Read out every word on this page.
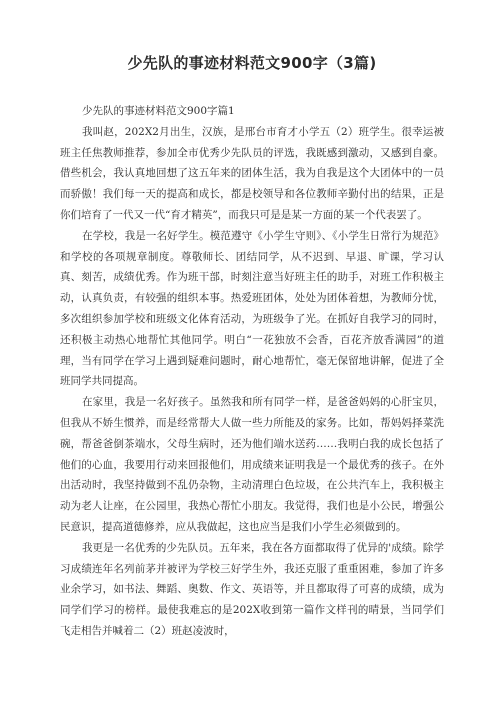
少先队的事迹材料范文900字（3篇)
少先队的事迹材料范文900字篇1

我叫赵，202X2月出生，汉族，是邢台市育才小学五（2）班学生。很幸运被班主任焦教师推荐，参加全市优秀少先队员的评选，我既感到激动，又感到自豪。借些机会，我认真地回想了这五年来的团体生活，我为自我是这个大团体中的一员而骄傲！我们每一天的提高和成长，都是校领导和各位教师辛勤付出的结果，正是你们培育了一代又一代“育才精英”，而我只可是是某一方面的某一个代表罢了。

在学校，我是一名好学生。模范遵守《小学生守则》、《小学生日常行为规范》和学校的各项规章制度。尊敬师长、团结同学，从不迟到、早退、旷课，学习认真、刻苦，成绩优秀。作为班干部，时刻注意当好班主任的助手，对班工作积极主动，认真负责，有较强的组织本事。热爱班团体，处处为团体着想，为教师分忧，多次组织参加学校和班级文化体育活动，为班级争了光。在抓好自我学习的同时，还积极主动热心地帮忙其他同学。明白“一花独放不会香，百花齐放香满园”的道理，当有同学在学习上遇到疑难问题时，耐心地帮忙，毫无保留地讲解，促进了全班同学共同提高。

在家里，我是一名好孩子。虽然我和所有同学一样，是爸爸妈妈的心肝宝贝，但我从不娇生惯养，而是经常帮大人做一些力所能及的家务。比如，帮妈妈择菜洗碗，帮爸爸倒茶端水，父母生病时，还为他们端水送药……我明白我的成长包括了他们的心血，我要用行动来回报他们，用成绩来证明我是一个最优秀的孩子。在外出活动时，我坚持做到不乱仍杂物，主动清理白色垃圾，在公共汽车上，我积极主动为老人让座，在公园里，我热心帮忙小朋友。我觉得，我们也是小公民，增强公民意识，提高道德修养，应从我做起，这也应当是我们小学生必须做到的。

我更是一名优秀的少先队员。五年来，我在各方面都取得了优异的'成绩。除学习成绩连年名列前茅并被评为学校三好学生外，我还克服了重重困难，参加了许多业余学习，如书法、舞蹈、奥数、作文、英语等，并且都取得了可喜的成绩，成为同学们学习的榜样。最使我难忘的是202X收到第一篇作文样刊的晴景，当同学们飞走相告并喊着二（2）班赵凌波时，
